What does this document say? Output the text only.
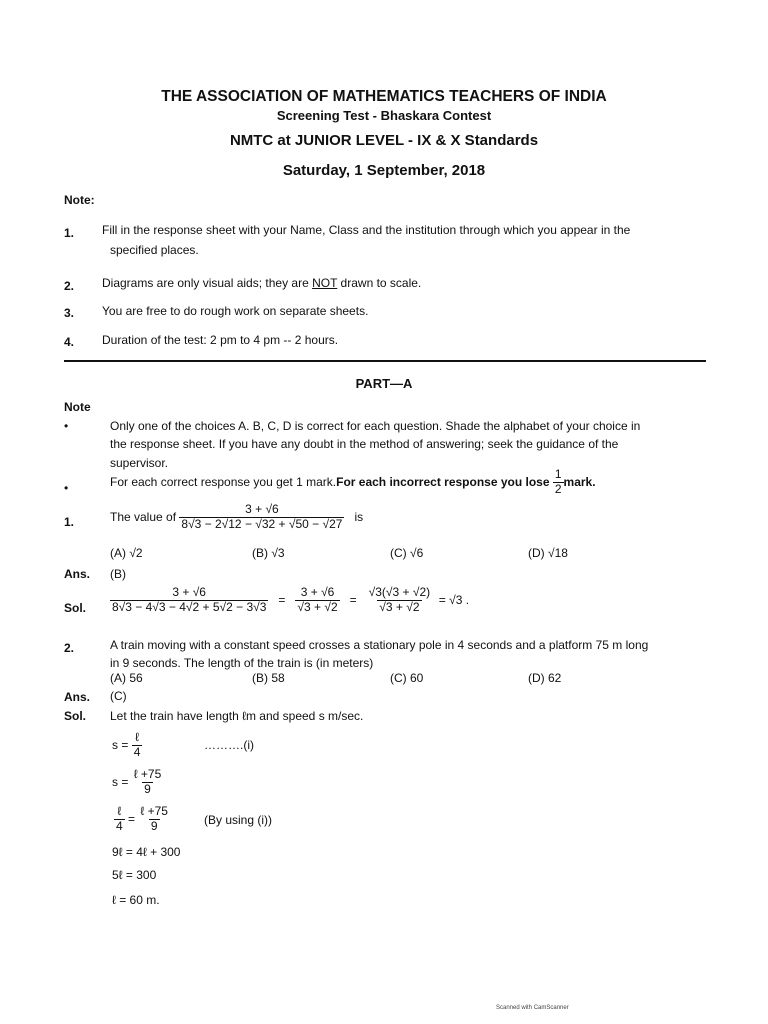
THE ASSOCIATION OF MATHEMATICS TEACHERS OF INDIA
Screening Test - Bhaskara Contest
NMTC at JUNIOR LEVEL - IX & X Standards
Saturday, 1 September, 2018
Note:
1. Fill in the response sheet with your Name, Class and the institution through which you appear in the
specified places.
2. Diagrams are only visual aids; they are NOT drawn to scale.
3. You are free to do rough work on separate sheets.
4. Duration of the test: 2 pm to 4 pm -- 2 hours.
PART—A
Note
•	Only one of the choices A. B, C, D is correct for each question. Shade the alphabet of your choice in
the response sheet. If you have any doubt in the method of answering; seek the guidance of the
supervisor.
•	For each correct response you get 1 mark. For each incorrect response you lose
$\frac{1}{2}$ mark.
1.	The value of
$\frac{3 + √6}{8√3 - 2√12 - √32 + √50 - √27}$
is
(A) √2	(B) √3	(C) √6	(D) √18
Ans. (B)
Sol. $\frac{3 + √6}{8√3 - 4√3 - 4√2 + 5√2 - 3√3}$
=
$\frac{3 + √6}{√3 + √2}$
=
$\frac{√3(√3 + √2)}{√3 + √2}$
= √3 .
2.	A train moving with a constant speed crosses a stationary pole in 4 seconds and a platform 75 m long
in 9 seconds. The length of the train is (in meters)
(A) 56	(B) 58	(C) 60	(D) 62
Ans. (C)
Sol. Let the train have length ℓm and speed s m/sec.
s =
$\frac{\text{ℓ}}{4}$	……….(i)
s =
$\frac{\text{ℓ +75}}{9}$
$\frac{\text{ℓ}}{4}$
=
$\frac{\text{ℓ +75}}{9}$	(By using (i))
9ℓ = 4ℓ + 300
5ℓ = 300
ℓ = 60 m.
Scanned with CamScanner
